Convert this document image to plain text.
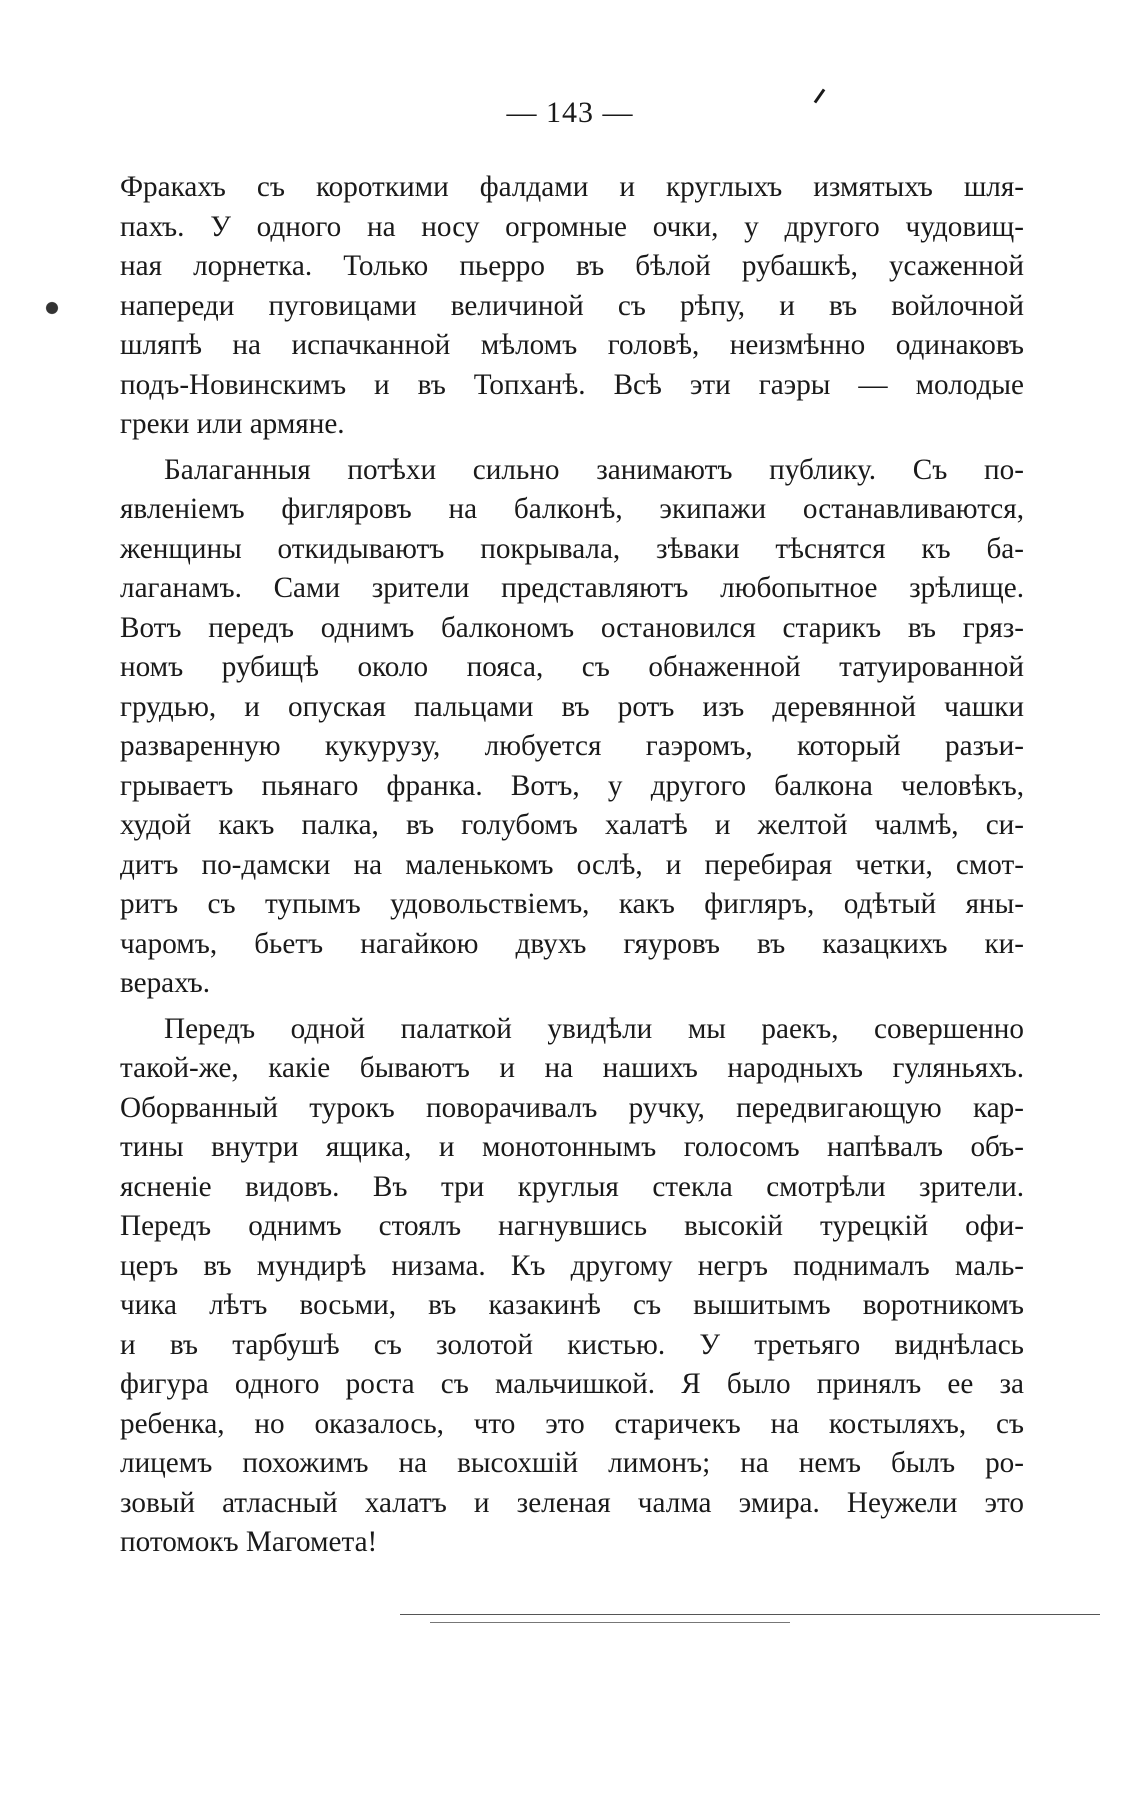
— 143 —
Фракахъ съ короткими фалдами и круглыхъ измятыхъ шля-
пахъ. У одного на носу огромные очки, у другого чудовищ-
ная лорнетка. Только пьерро въ бѣлой рубашкѣ, усаженной
напереди пуговицами величиной съ рѣпу, и въ войлочной
шляпѣ на испачканной мѣломъ головѣ, неизмѣнно одинаковъ
подъ-Новинскимъ и въ Топханѣ. Всѣ эти гаэры — молодые
греки или армяне.
Балаганныя потѣхи сильно занимаютъ публику. Съ по-
явленіемъ фигляровъ на балконѣ, экипажи останавливаются,
женщины откидываютъ покрывала, зѣваки тѣснятся къ ба-
лаганамъ. Сами зрители представляютъ любопытное зрѣлище.
Вотъ передъ однимъ балкономъ остановился старикъ въ гряз-
номъ рубищѣ около пояса, съ обнаженной татуированной
грудью, и опуская пальцами въ ротъ изъ деревянной чашки
разваренную кукурузу, любуется гаэромъ, который разъи-
грываетъ пьянаго франка. Вотъ, у другого балкона человѣкъ,
худой какъ палка, въ голубомъ халатѣ и желтой чалмѣ, си-
дитъ по-дамски на маленькомъ ослѣ, и перебирая четки, смот-
ритъ съ тупымъ удовольствіемъ, какъ фигляръ, одѣтый яны-
чаромъ, бьетъ нагайкою двухъ гяуровъ въ казацкихъ ки-
верахъ.
Передъ одной палаткой увидѣли мы раекъ, совершенно
такой-же, какіе бываютъ и на нашихъ народныхъ гуляньяхъ.
Оборванный турокъ поворачивалъ ручку, передвигающую кар-
тины внутри ящика, и монотоннымъ голосомъ напѣвалъ объ-
ясненіе видовъ. Въ три круглыя стекла смотрѣли зрители.
Передъ однимъ стоялъ нагнувшись высокій турецкій офи-
церъ въ мундирѣ низама. Къ другому негръ поднималъ маль-
чика лѣтъ восьми, въ казакинѣ съ вышитымъ воротникомъ
и въ тарбушѣ съ золотой кистью. У третьяго виднѣлась
фигура одного роста съ мальчишкой. Я было принялъ ее за
ребенка, но оказалось, что это старичекъ на костыляхъ, съ
лицемъ похожимъ на высохшій лимонъ; на немъ былъ ро-
зовый атласный халатъ и зеленая чалма эмира. Неужели это
потомокъ Магомета!
